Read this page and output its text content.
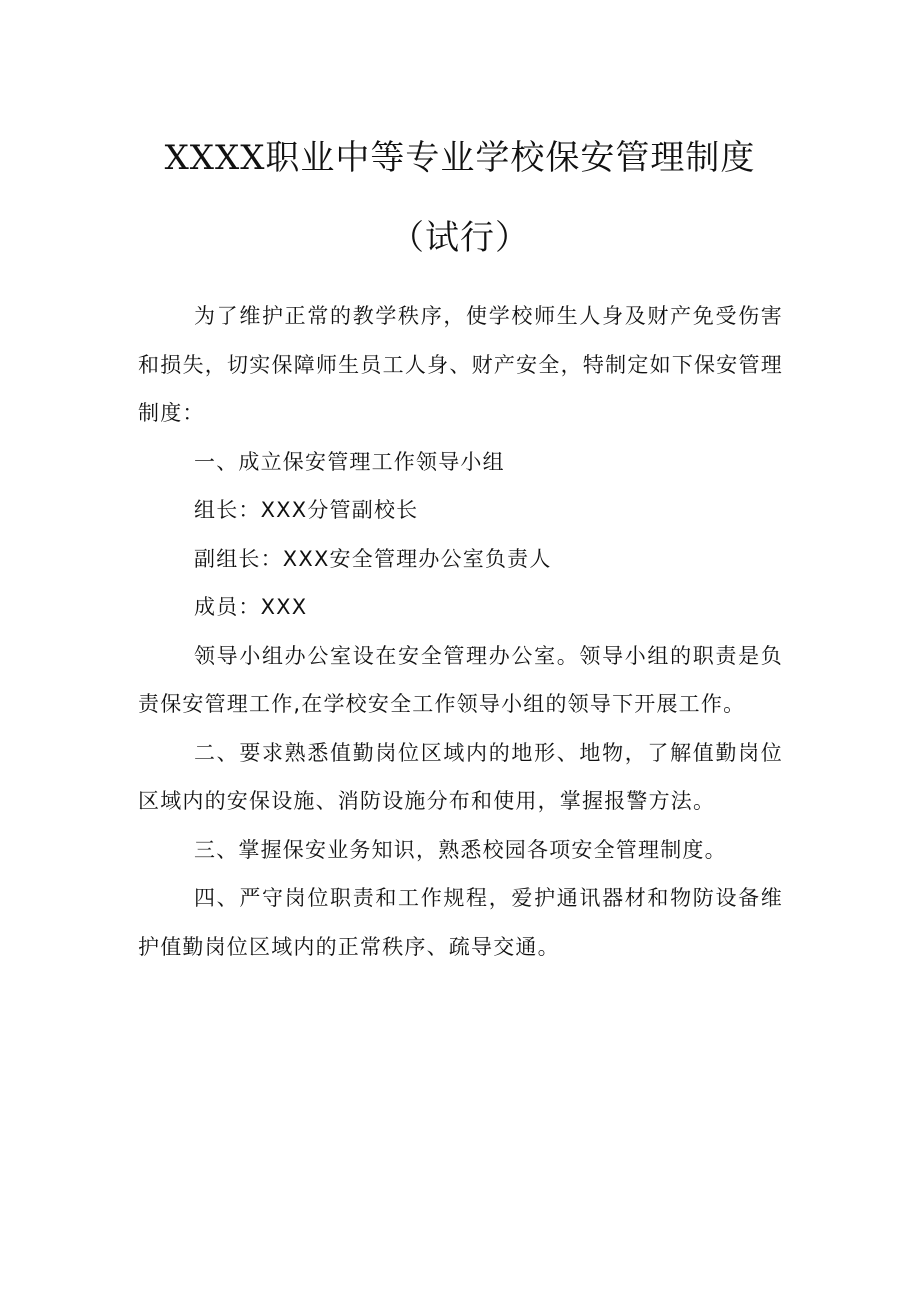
XXXX职业中等专业学校保安管理制度（试行）

为了维护正常的教学秩序，使学校师生人身及财产免受伤害和损失，切实保障师生员工人身、财产安全，特制定如下保安管理制度：

一、成立保安管理工作领导小组

组长：XXX分管副校长

副组长：XXX安全管理办公室负责人

成员：XXX

领导小组办公室设在安全管理办公室。领导小组的职责是负责保安管理工作,在学校安全工作领导小组的领导下开展工作。

二、要求熟悉值勤岗位区域内的地形、地物，了解值勤岗位区域内的安保设施、消防设施分布和使用，掌握报警方法。

三、掌握保安业务知识，熟悉校园各项安全管理制度。

四、严守岗位职责和工作规程，爱护通讯器材和物防设备维护值勤岗位区域内的正常秩序、疏导交通。
